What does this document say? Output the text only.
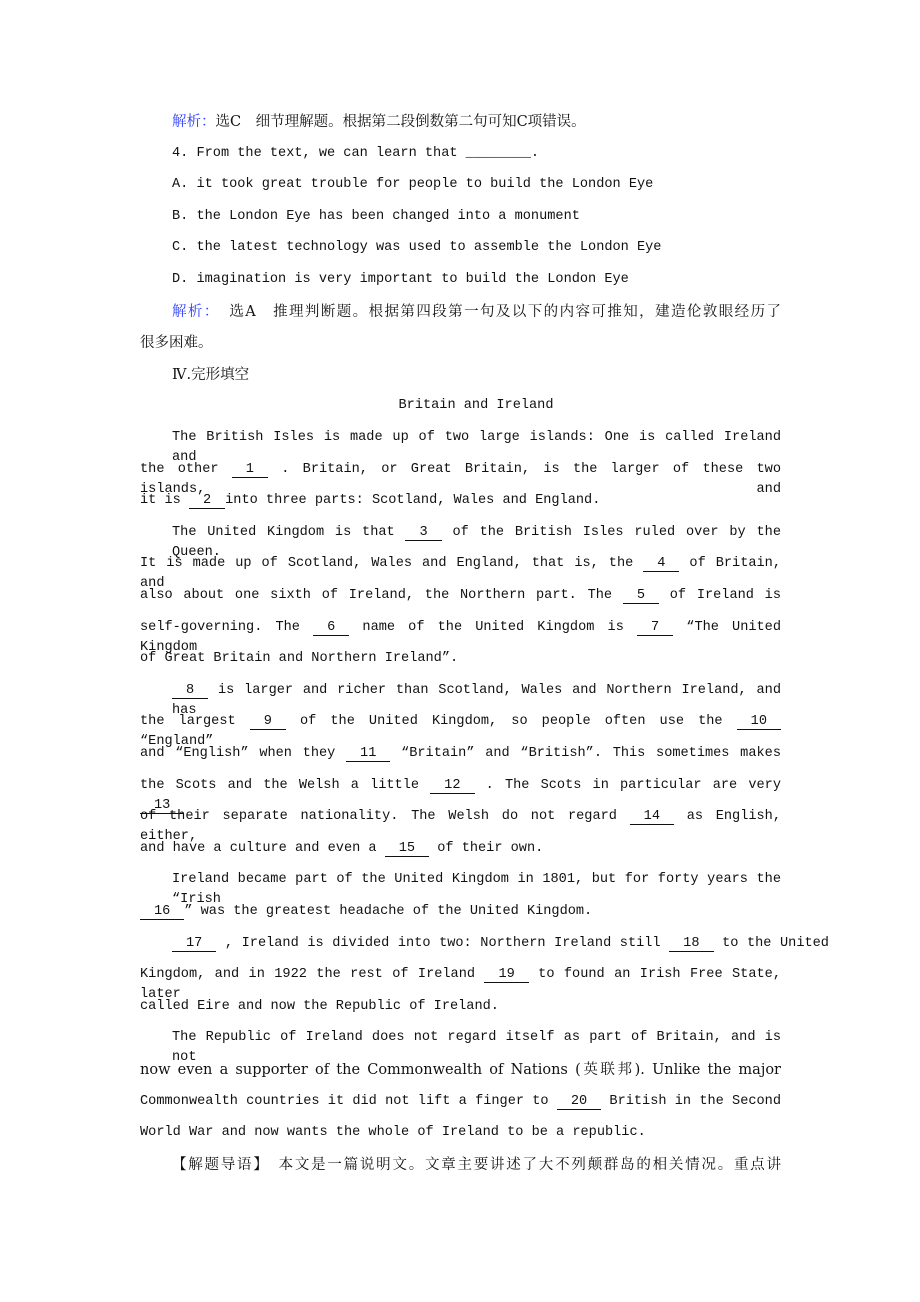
解析：选C　细节理解题。根据第二段倒数第二句可知C项错误。
4. From the text, we can learn that ________.
A. it took great trouble for people to build the London Eye
B. the London Eye has been changed into a monument
C. the latest technology was used to assemble the London Eye
D. imagination is very important to build the London Eye
解析： 选A　推理判断题。根据第四段第一句及以下的内容可推知，建造伦敦眼经历了
很多困难。
Ⅳ.完形填空
Britain and Ireland
The British Isles is made up of two large islands: One is called Ireland and
the other 1 . Britain, or Great Britain, is the larger of these two islands, and
it is 2 into three parts: Scotland, Wales and England.
The United Kingdom is that 3 of the British Isles ruled over by the Queen.
It is made up of Scotland, Wales and England, that is, the 4 of Britain, and
also about one sixth of Ireland, the Northern part. The 5 of Ireland is
self-governing. The 6 name of the United Kingdom is 7 “The United Kingdom
of Great Britain and Northern Ireland”.
8 is larger and richer than Scotland, Wales and Northern Ireland, and has
the largest 9 of the United Kingdom, so people often use the 10 “England”
and “English” when they 11 “Britain” and “British”. This sometimes makes
the Scots and the Welsh a little 12 . The Scots in particular are very 13
of their separate nationality. The Welsh do not regard 14 as English, either,
and have a culture and even a 15 of their own.
Ireland became part of the United Kingdom in 1801, but for forty years the “Irish
16 ” was the greatest headache of the United Kingdom.
17 , Ireland is divided into two: Northern Ireland still 18 to the United
Kingdom, and in 1922 the rest of Ireland 19 to found an Irish Free State, later
called Eire and now the Republic of Ireland.
The Republic of Ireland does not regard itself as part of Britain, and is not
now even a supporter of the Commonwealth of Nations (英联邦). Unlike the major
Commonwealth countries it did not lift a finger to 20 British in the Second
World War and now wants the whole of Ireland to be a republic.
【解题导语】　本文是一篇说明文。文章主要讲述了大不列颠群岛的相关情况。重点讲
